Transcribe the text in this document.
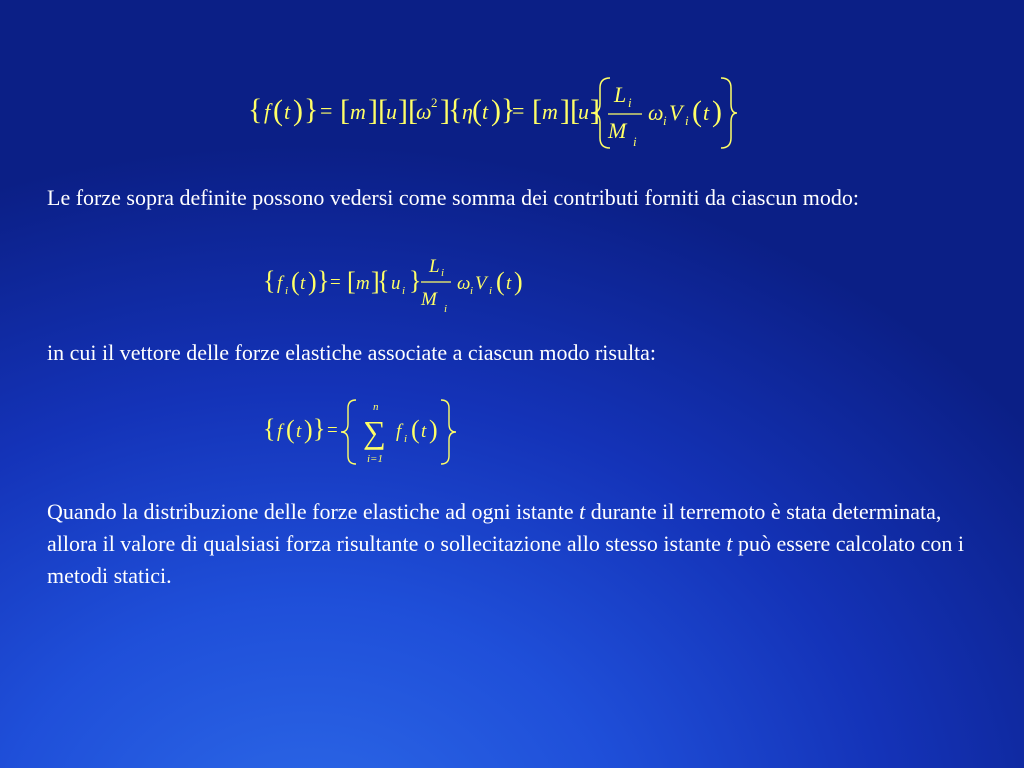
{ f ( t ) } = [ m ][
u ][
ω 2 ]
{ η ( t ) }
= [ m ][
u ] L i
M i
ω i V i ( t )

Le forze sopra definite possono vedersi come somma dei contributi forniti da ciascun modo:

{ f i ( t ) } = [ m ]
{ u i } L i
M i
ω i V i ( t )

in cui il vettore delle forze elastiche associate a ciascun modo risulta:

{ f ( t ) } =
n
∑
i=1
f i ( t )

Quando la distribuzione delle forze elastiche ad ogni istante t durante il terremoto è stata determinata, allora il valore di qualsiasi forza risultante o sollecitazione allo stesso istante t può essere calcolato con i metodi statici.
